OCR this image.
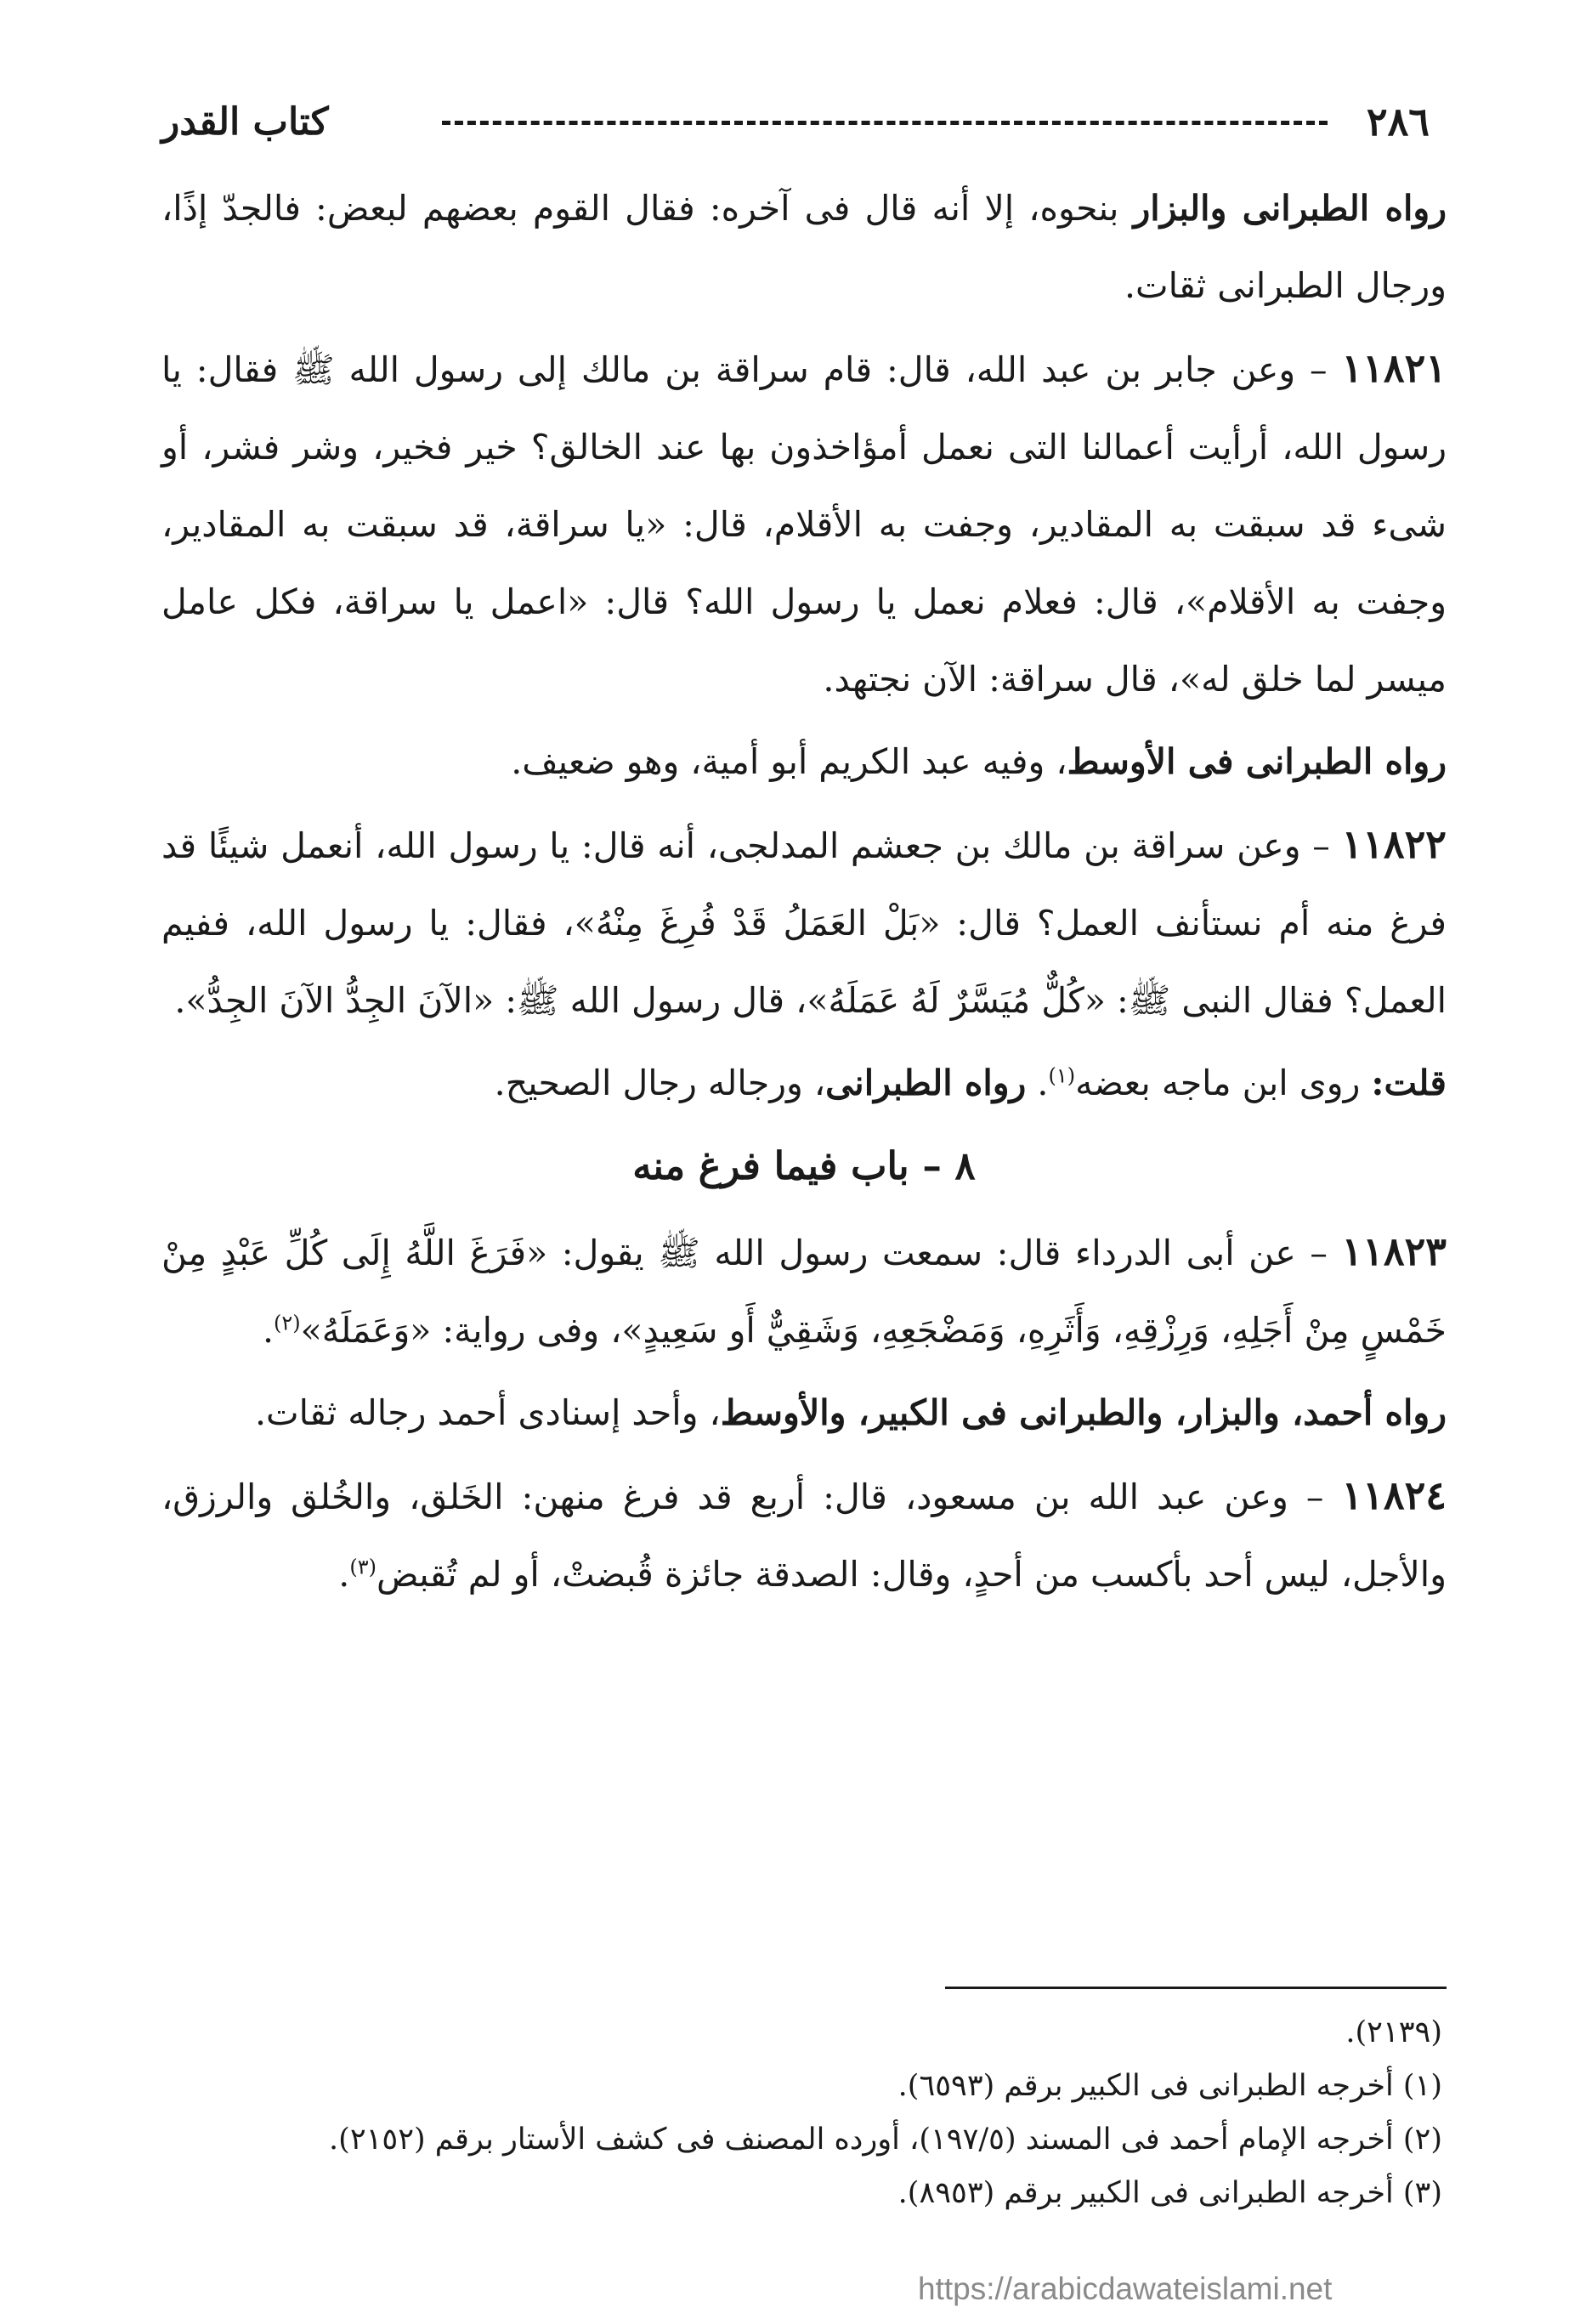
٢٨٦
كتاب القدر

رواه الطبرانى والبزار بنحوه، إلا أنه قال فى آخره: فقال القوم بعضهم لبعض: فالجدّ إذًا، ورجال الطبرانى ثقات.

١١٨٢١ – وعن جابر بن عبد الله، قال: قام سراقة بن مالك إلى رسول الله ﷺ فقال: يا رسول الله، أرأيت أعمالنا التى نعمل أمؤاخذون بها عند الخالق؟ خير فخير، وشر فشر، أو شىء قد سبقت به المقادير، وجفت به الأقلام، قال: «يا سراقة، قد سبقت به المقادير، وجفت به الأقلام»، قال: فعلام نعمل يا رسول الله؟ قال: «اعمل يا سراقة، فكل عامل ميسر لما خلق له»، قال سراقة: الآن نجتهد.

رواه الطبرانى فى الأوسط، وفيه عبد الكريم أبو أمية، وهو ضعيف.

١١٨٢٢ – وعن سراقة بن مالك بن جعشم المدلجى، أنه قال: يا رسول الله، أنعمل شيئًا قد فرغ منه أم نستأنف العمل؟ قال: «بَلْ العَمَلُ قَدْ فُرِغَ مِنْهُ»، فقال: يا رسول الله، ففيم العمل؟ فقال النبى ﷺ: «كُلٌّ مُيَسَّرٌ لَهُ عَمَلَهُ»، قال رسول الله ﷺ: «الآنَ الجِدُّ الآنَ الجِدُّ».

قلت: روى ابن ماجه بعضه$^{(١)}$. رواه الطبرانى، ورجاله رجال الصحيح.

٨ – باب فيما فرغ منه

١١٨٢٣ – عن أبى الدرداء قال: سمعت رسول الله ﷺ يقول: «فَرَغَ اللَّهُ إِلَى كُلِّ عَبْدٍ مِنْ خَمْسٍ مِنْ أَجَلِهِ، وَرِزْقِهِ، وَأَثَرِهِ، وَمَضْجَعِهِ، وَشَقِيٌّ أَو سَعِيدٍ»، وفى رواية: «وَعَمَلَهُ»$^{(٢)}$.

رواه أحمد، والبزار، والطبرانى فى الكبير، والأوسط، وأحد إسنادى أحمد رجاله ثقات.

١١٨٢٤ – وعن عبد الله بن مسعود، قال: أربع قد فرغ منهن: الخَلق، والخُلق والرزق، والأجل، ليس أحد بأكسب من أحدٍ، وقال: الصدقة جائزة قُبضتْ، أو لم تُقبض$^{(٣)}$.

(٢١٣٩).
(١) أخرجه الطبرانى فى الكبير برقم (٦٥٩٣).
(٢) أخرجه الإمام أحمد فى المسند (١٩٧/٥)، أورده المصنف فى كشف الأستار برقم (٢١٥٢).
(٣) أخرجه الطبرانى فى الكبير برقم (٨٩٥٣).
https://arabicdawateislami.net
